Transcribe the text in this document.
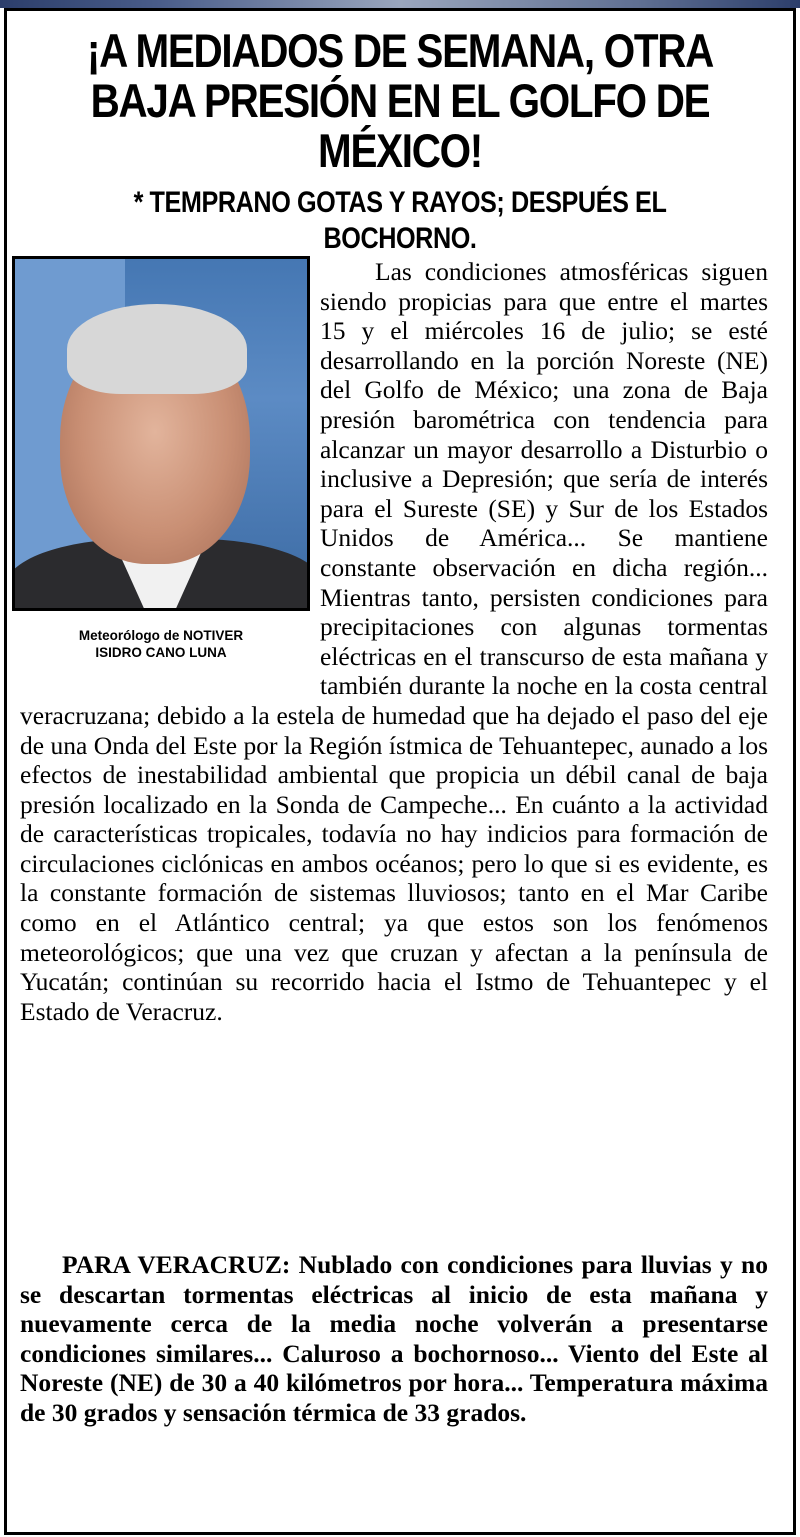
¡A MEDIADOS DE SEMANA, OTRA BAJA PRESIÓN EN EL GOLFO DE MÉXICO!
* TEMPRANO GOTAS Y RAYOS; DESPUÉS EL BOCHORNO.
Meteorólogo de NOTIVER
ISIDRO CANO LUNA
Las condiciones atmosféricas siguen siendo propicias para que entre el martes 15 y el miércoles 16 de julio; se esté desarrollando en la porción Noreste (NE) del Golfo de México; una zona de Baja presión barométrica con tendencia para alcanzar un mayor desarrollo a Disturbio o inclusive a Depresión; que sería de interés para el Sureste (SE) y Sur de los Estados Unidos de América... Se mantiene constante observación en dicha región... Mientras tanto, persisten condiciones para precipitaciones con algunas tormentas eléctricas en el transcurso de esta mañana y también durante la noche en la costa central veracruzana; debido a la estela de humedad que ha dejado el paso del eje de una Onda del Este por la Región ístmica de Tehuantepec, aunado a los efectos de inestabilidad ambiental que propicia un débil canal de baja presión localizado en la Sonda de Campeche... En cuánto a la actividad de características tropicales, todavía no hay indicios para formación de circulaciones ciclónicas en ambos océanos; pero lo que si es evidente, es la constante formación de sistemas lluviosos; tanto en el Mar Caribe como en el Atlántico central; ya que estos son los fenómenos meteorológicos; que una vez que cruzan y afectan a la península de Yucatán; continúan su recorrido hacia el Istmo de Tehuantepec y el Estado de Veracruz.

PARA VERACRUZ: Nublado con condiciones para lluvias y no se descartan tormentas eléctricas al inicio de esta mañana y nuevamente cerca de la media noche volverán a presentarse condiciones similares... Caluroso a bochornoso... Viento del Este al Noreste (NE) de 30 a 40 kilómetros por hora... Temperatura máxima de 30 grados y sensación térmica de 33 grados.
